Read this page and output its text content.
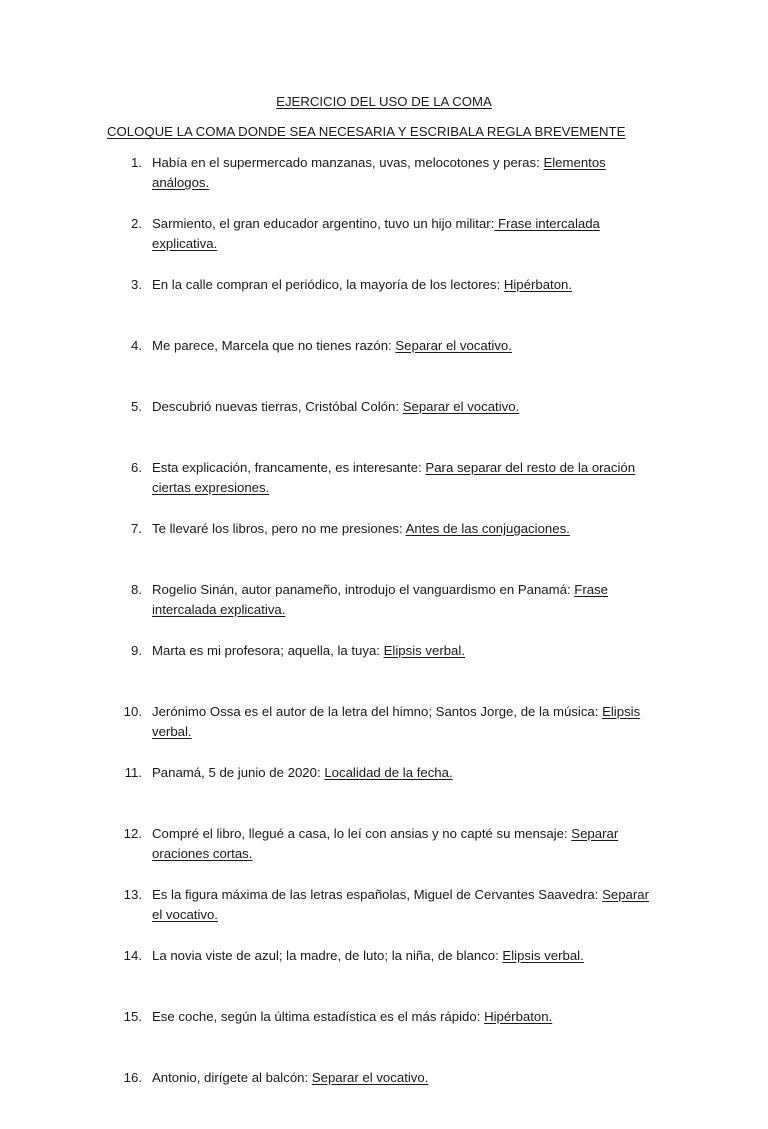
EJERCICIO DEL USO DE LA COMA
COLOQUE LA COMA DONDE SEA NECESARIA Y ESCRIBALA REGLA BREVEMENTE
1. Había en el supermercado manzanas, uvas, melocotones y peras: Elementos análogos.
2. Sarmiento, el gran educador argentino, tuvo un hijo militar: Frase intercalada explicativa.
3. En la calle compran el periódico, la mayoría de los lectores: Hipérbaton.
4. Me parece, Marcela que no tienes razón: Separar el vocativo.
5. Descubrió nuevas tierras, Cristóbal Colón: Separar el vocativo.
6. Esta explicación, francamente, es interesante: Para separar del resto de la oración ciertas expresiones.
7. Te llevaré los libros, pero no me presiones: Antes de las conjugaciones.
8. Rogelio Sinán, autor panameño, introdujo el vanguardismo en Panamá: Frase intercalada explicativa.
9. Marta es mi profesora; aquella, la tuya: Elipsis verbal.
10. Jerónimo Ossa es el autor de la letra del himno; Santos Jorge, de la música: Elipsis verbal.
11. Panamá, 5 de junio de 2020: Localidad de la fecha.
12. Compré el libro, llegué a casa, lo leí con ansias y no capté su mensaje: Separar oraciones cortas.
13. Es la figura máxima de las letras españolas, Miguel de Cervantes Saavedra: Separar el vocativo.
14. La novia viste de azul; la madre, de luto; la niña, de blanco: Elipsis verbal.
15. Ese coche, según la última estadística es el más rápido: Hipérbaton.
16. Antonio, dirígete al balcón: Separar el vocativo.
